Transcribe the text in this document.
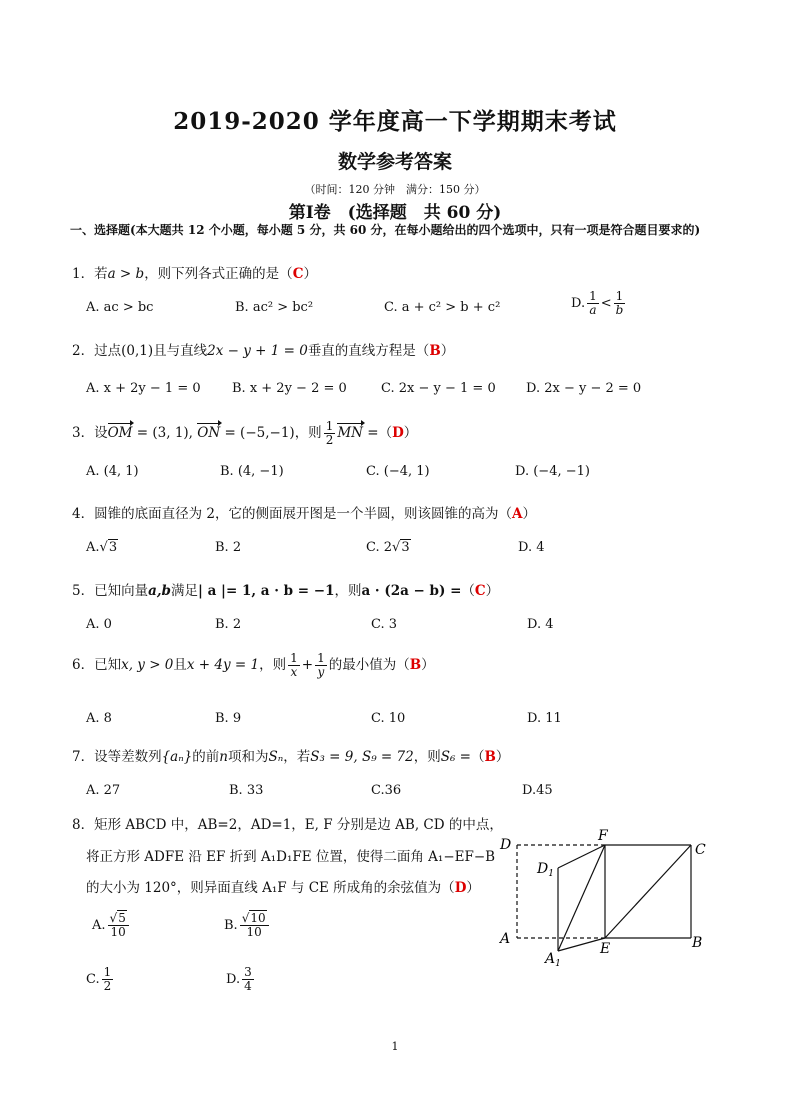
2019-2020 学年度高一下学期期末考试
数学参考答案
（时间：120 分钟　满分：150 分）
第Ⅰ卷　(选择题　共 60 分)
一、选择题(本大题共 12 个小题，每小题 5 分，共 60 分，在每小题给出的四个选项中，只有一项是符合题目要求的)
1．若a > b，则下列各式正确的是（C）
A. ac > bc	B. ac² > bc²	C. a + c² > b + c²	D. $\frac{1}{a} < \frac{1}{b}$
2．过点(0,1)且与直线2x − y + 1 = 0垂直的直线方程是（B）
A. x + 2y − 1 = 0 B. x + 2y − 2 = 0	C. 2x − y − 1 = 0 D. 2x − y − 2 = 0
3．设OM = (3, 1), ON = (−5,−1)，则 $\frac{1}{2}$ MN =（D）
A. (4, 1)	B. (4, −1)	C. (−4, 1)	D. (−4, −1)
4．圆锥的底面直径为 2，它的侧面展开图是一个半圆，则该圆锥的高为（A）
A.√3	B. 2	C. 2√3	D. 4
5．已知向量a,b满足| a |= 1, a · b = −1，则a · (2a − b) =（C）
A. 0	B. 2	C. 3	D. 4
6．已知x, y > 0且x + 4y = 1，则 $\frac{1}{x} + \frac{1}{y}$ 的最小值为（B）
A. 8	B. 9	C. 10	D. 11
7．设等差数列{aₙ}的前n项和为Sₙ，若S₃ = 9, S₉ = 72，则S₆ =（B）
A. 27	B. 33	C.36	D.45
8．矩形 ABCD 中，AB=2，AD=1，E, F 分别是边 AB, CD 的中点，
将正方形 ADFE 沿 EF 折到 A₁D₁FE 位置，使得二面角 A₁−EF−B
的大小为 120°，则异面直线 A₁F 与 CE 所成角的余弦值为（D）
A. $\frac{√5}{10}$	B. $\frac{√10}{10}$
C. $\frac{1}{2}$	D. $\frac{3}{4}$
D
F
C
$D_1$
A
E	B
$A_1$
1
